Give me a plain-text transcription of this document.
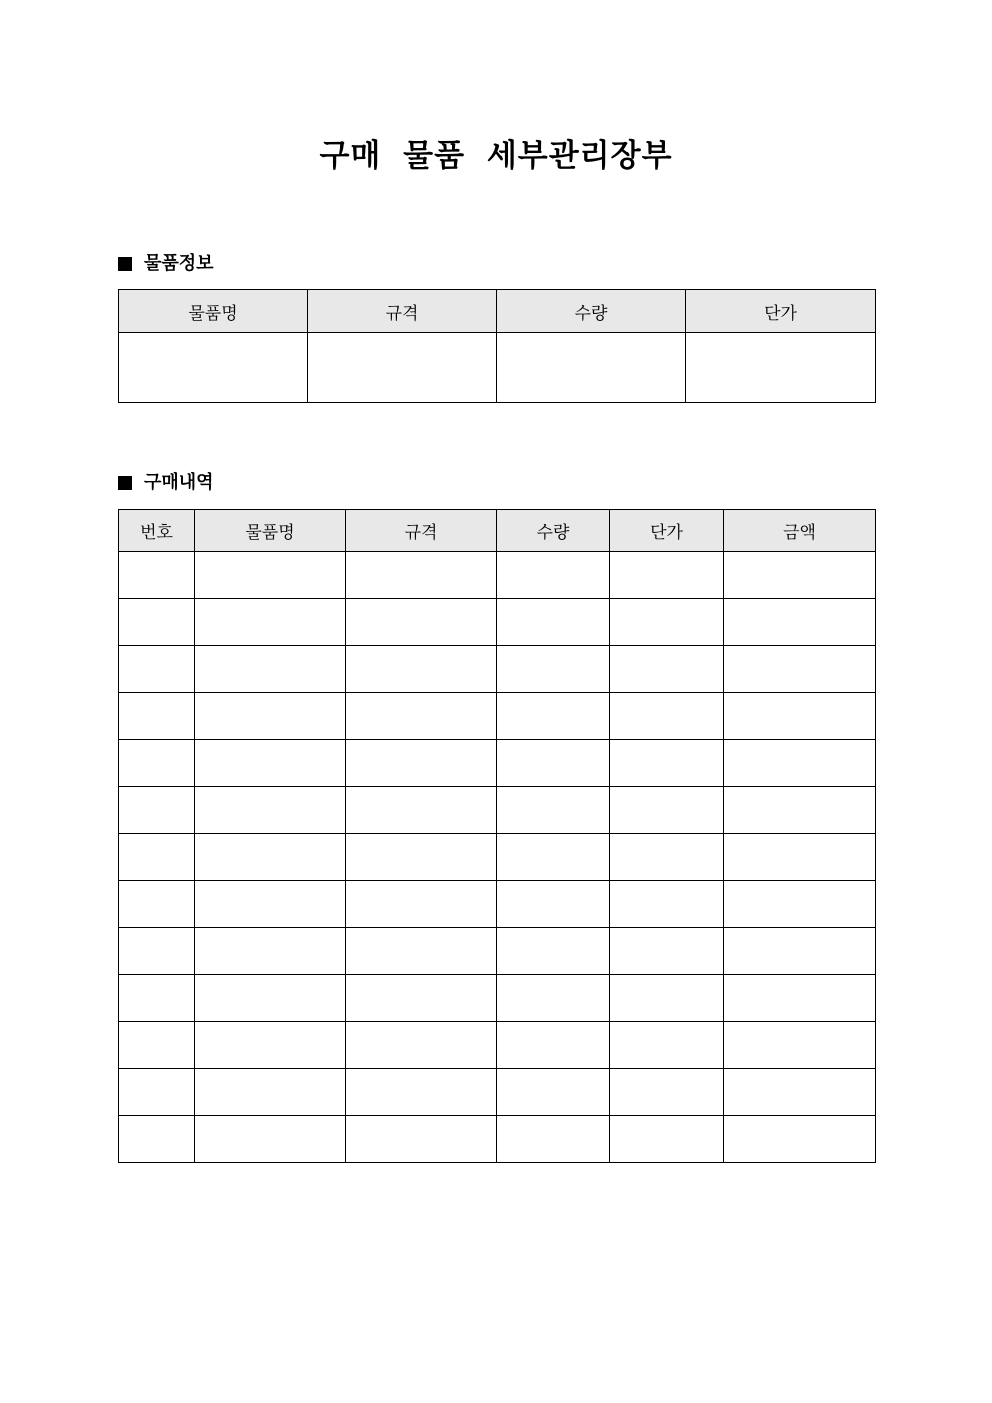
구매 물품 세부관리장부
물품정보
물품명	규격	수량	단가

구매내역
번호	물품명	규격	수량	단가	금액
